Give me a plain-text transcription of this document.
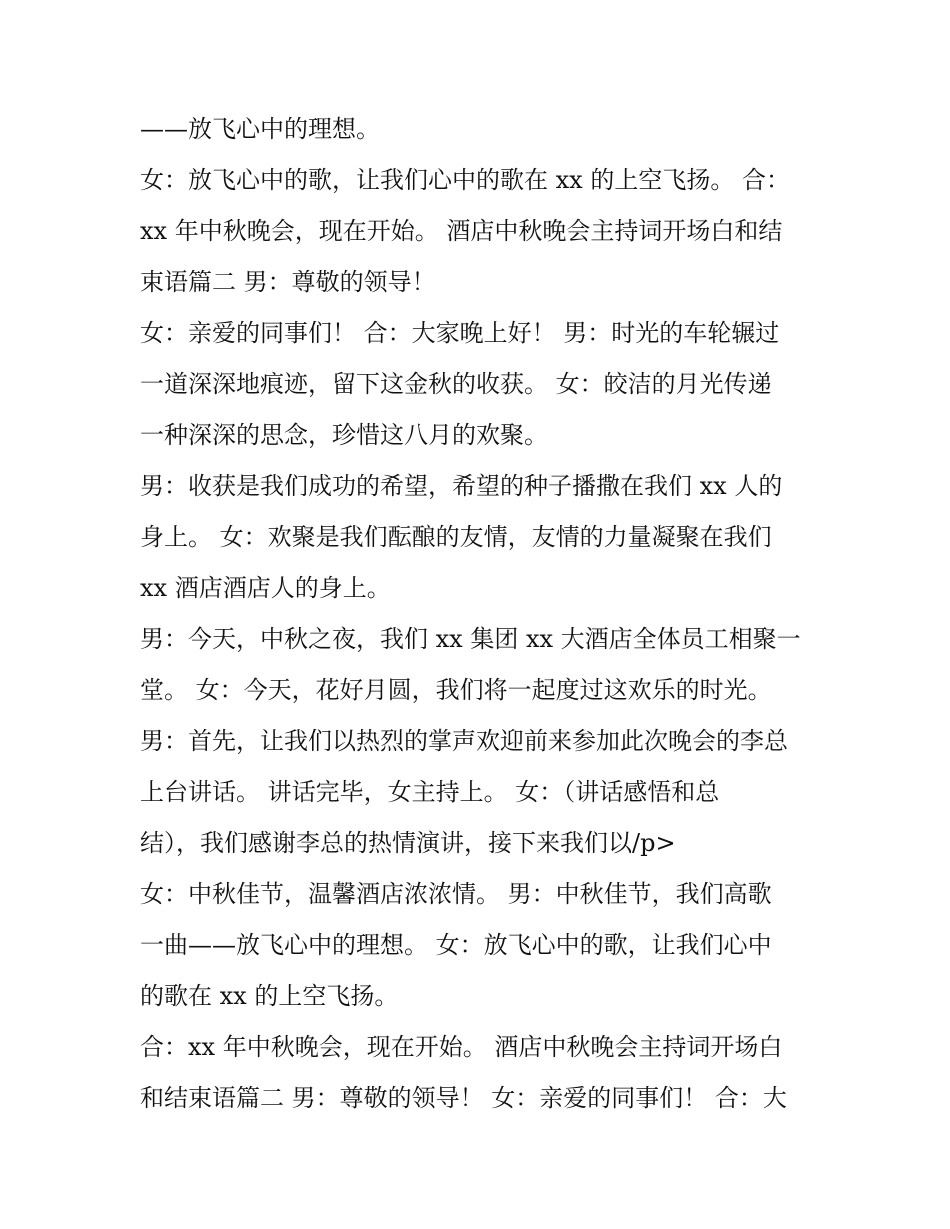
——放飞心中的理想。
女：放飞心中的歌，让我们心中的歌在 xx 的上空飞扬。 合：
xx 年中秋晚会，现在开始。 酒店中秋晚会主持词开场白和结
束语篇二 男：尊敬的领导！
女：亲爱的同事们！ 合：大家晚上好！ 男：时光的车轮辗过
一道深深地痕迹，留下这金秋的收获。 女：皎洁的月光传递
一种深深的思念，珍惜这八月的欢聚。
男：收获是我们成功的希望，希望的种子播撒在我们 xx 人的
身上。 女：欢聚是我们酝酿的友情，友情的力量凝聚在我们
xx 酒店酒店人的身上。
男：今天，中秋之夜，我们 xx 集团 xx 大酒店全体员工相聚一
堂。 女：今天，花好月圆，我们将一起度过这欢乐的时光。
男：首先，让我们以热烈的掌声欢迎前来参加此次晚会的李总
上台讲话。 讲话完毕，女主持上。 女：（讲话感悟和总
结），我们感谢李总的热情演讲，接下来我们以/p>
女：中秋佳节，温馨酒店浓浓情。 男：中秋佳节，我们高歌
一曲——放飞心中的理想。 女：放飞心中的歌，让我们心中
的歌在 xx 的上空飞扬。
合：xx 年中秋晚会，现在开始。 酒店中秋晚会主持词开场白
和结束语篇二 男：尊敬的领导！ 女：亲爱的同事们！ 合：大
